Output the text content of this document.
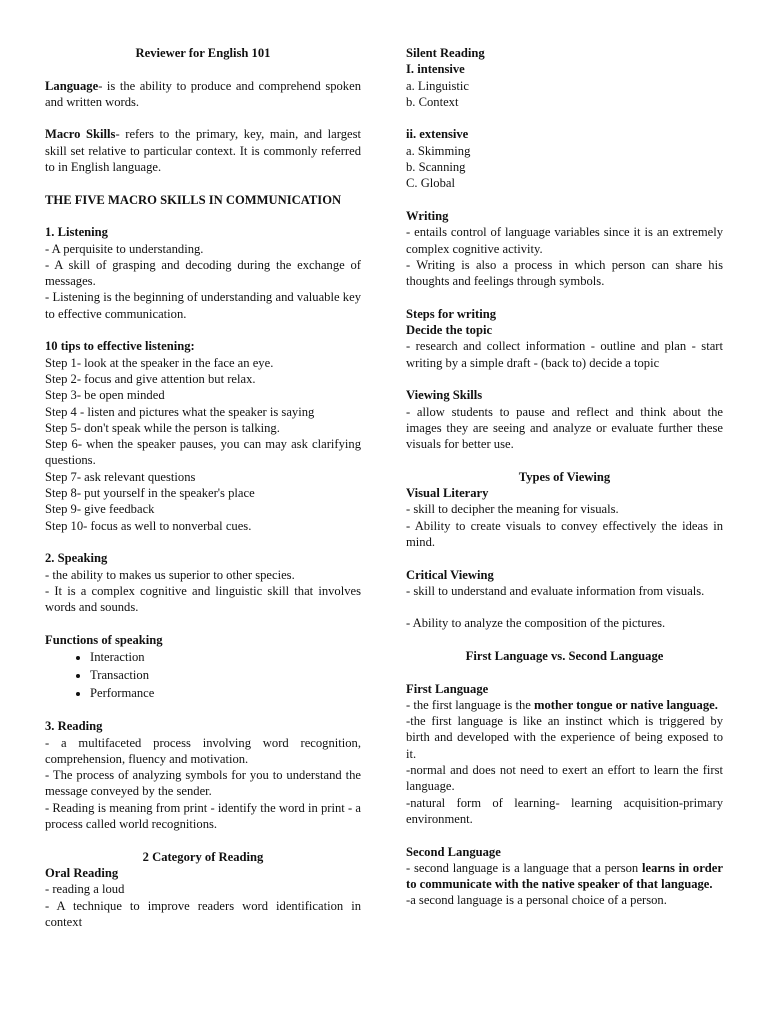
Reviewer for English 101

Language- is the ability to produce and comprehend spoken and written words.

Macro Skills- refers to the primary, key, main, and largest skill set relative to particular context. It is commonly referred to in English language.

THE FIVE MACRO SKILLS IN COMMUNICATION

1. Listening

- A perquisite to understanding.

- A skill of grasping and decoding during the exchange of messages.

- Listening is the beginning of understanding and valuable key to effective communication.

10 tips to effective listening:

Step 1- look at the speaker in the face an eye.

Step 2- focus and give attention but relax.

Step 3- be open minded

Step 4 - listen and pictures what the speaker is saying

Step 5- don't speak while the person is talking.

Step 6- when the speaker pauses, you can may ask clarifying questions.

Step 7- ask relevant questions

Step 8- put yourself in the speaker's place

Step 9- give feedback

Step 10- focus as well to nonverbal cues.

2. Speaking

- the ability to makes us superior to other species.

- It is a complex cognitive and linguistic skill that involves words and sounds.

Functions of speaking

• Interaction
• Transaction
• Performance

3. Reading

- a multifaceted process involving word recognition, comprehension, fluency and motivation.

- The process of analyzing symbols for you to understand the message conveyed by the sender.

- Reading is meaning from print - identify the word in print - a process called world recognitions.

2 Category of Reading

Oral Reading

- reading a loud

- A technique to improve readers word identification in context

Silent Reading

I. intensive

a. Linguistic

b. Context

ii. extensive

a. Skimming

b. Scanning

C. Global

Writing

- entails control of language variables since it is an extremely complex cognitive activity.

- Writing is also a process in which person can share his thoughts and feelings through symbols.

Steps for writing

Decide the topic

- research and collect information - outline and plan - start writing by a simple draft - (back to) decide a topic

Viewing Skills

- allow students to pause and reflect and think about the images they are seeing and analyze or evaluate further these visuals for better use.

Types of Viewing

Visual Literary

- skill to decipher the meaning for visuals.

- Ability to create visuals to convey effectively the ideas in mind.

Critical Viewing

- skill to understand and evaluate information from visuals.

- Ability to analyze the composition of the pictures.

First Language vs. Second Language

First Language

- the first language is the mother tongue or native language.

-the first language is like an instinct which is triggered by birth and developed with the experience of being exposed to it.

-normal and does not need to exert an effort to learn the first language.

-natural form of learning- learning acquisition-primary environment.

Second Language

- second language is a language that a person learns in order to communicate with the native speaker of that language.

-a second language is a personal choice of a person.
